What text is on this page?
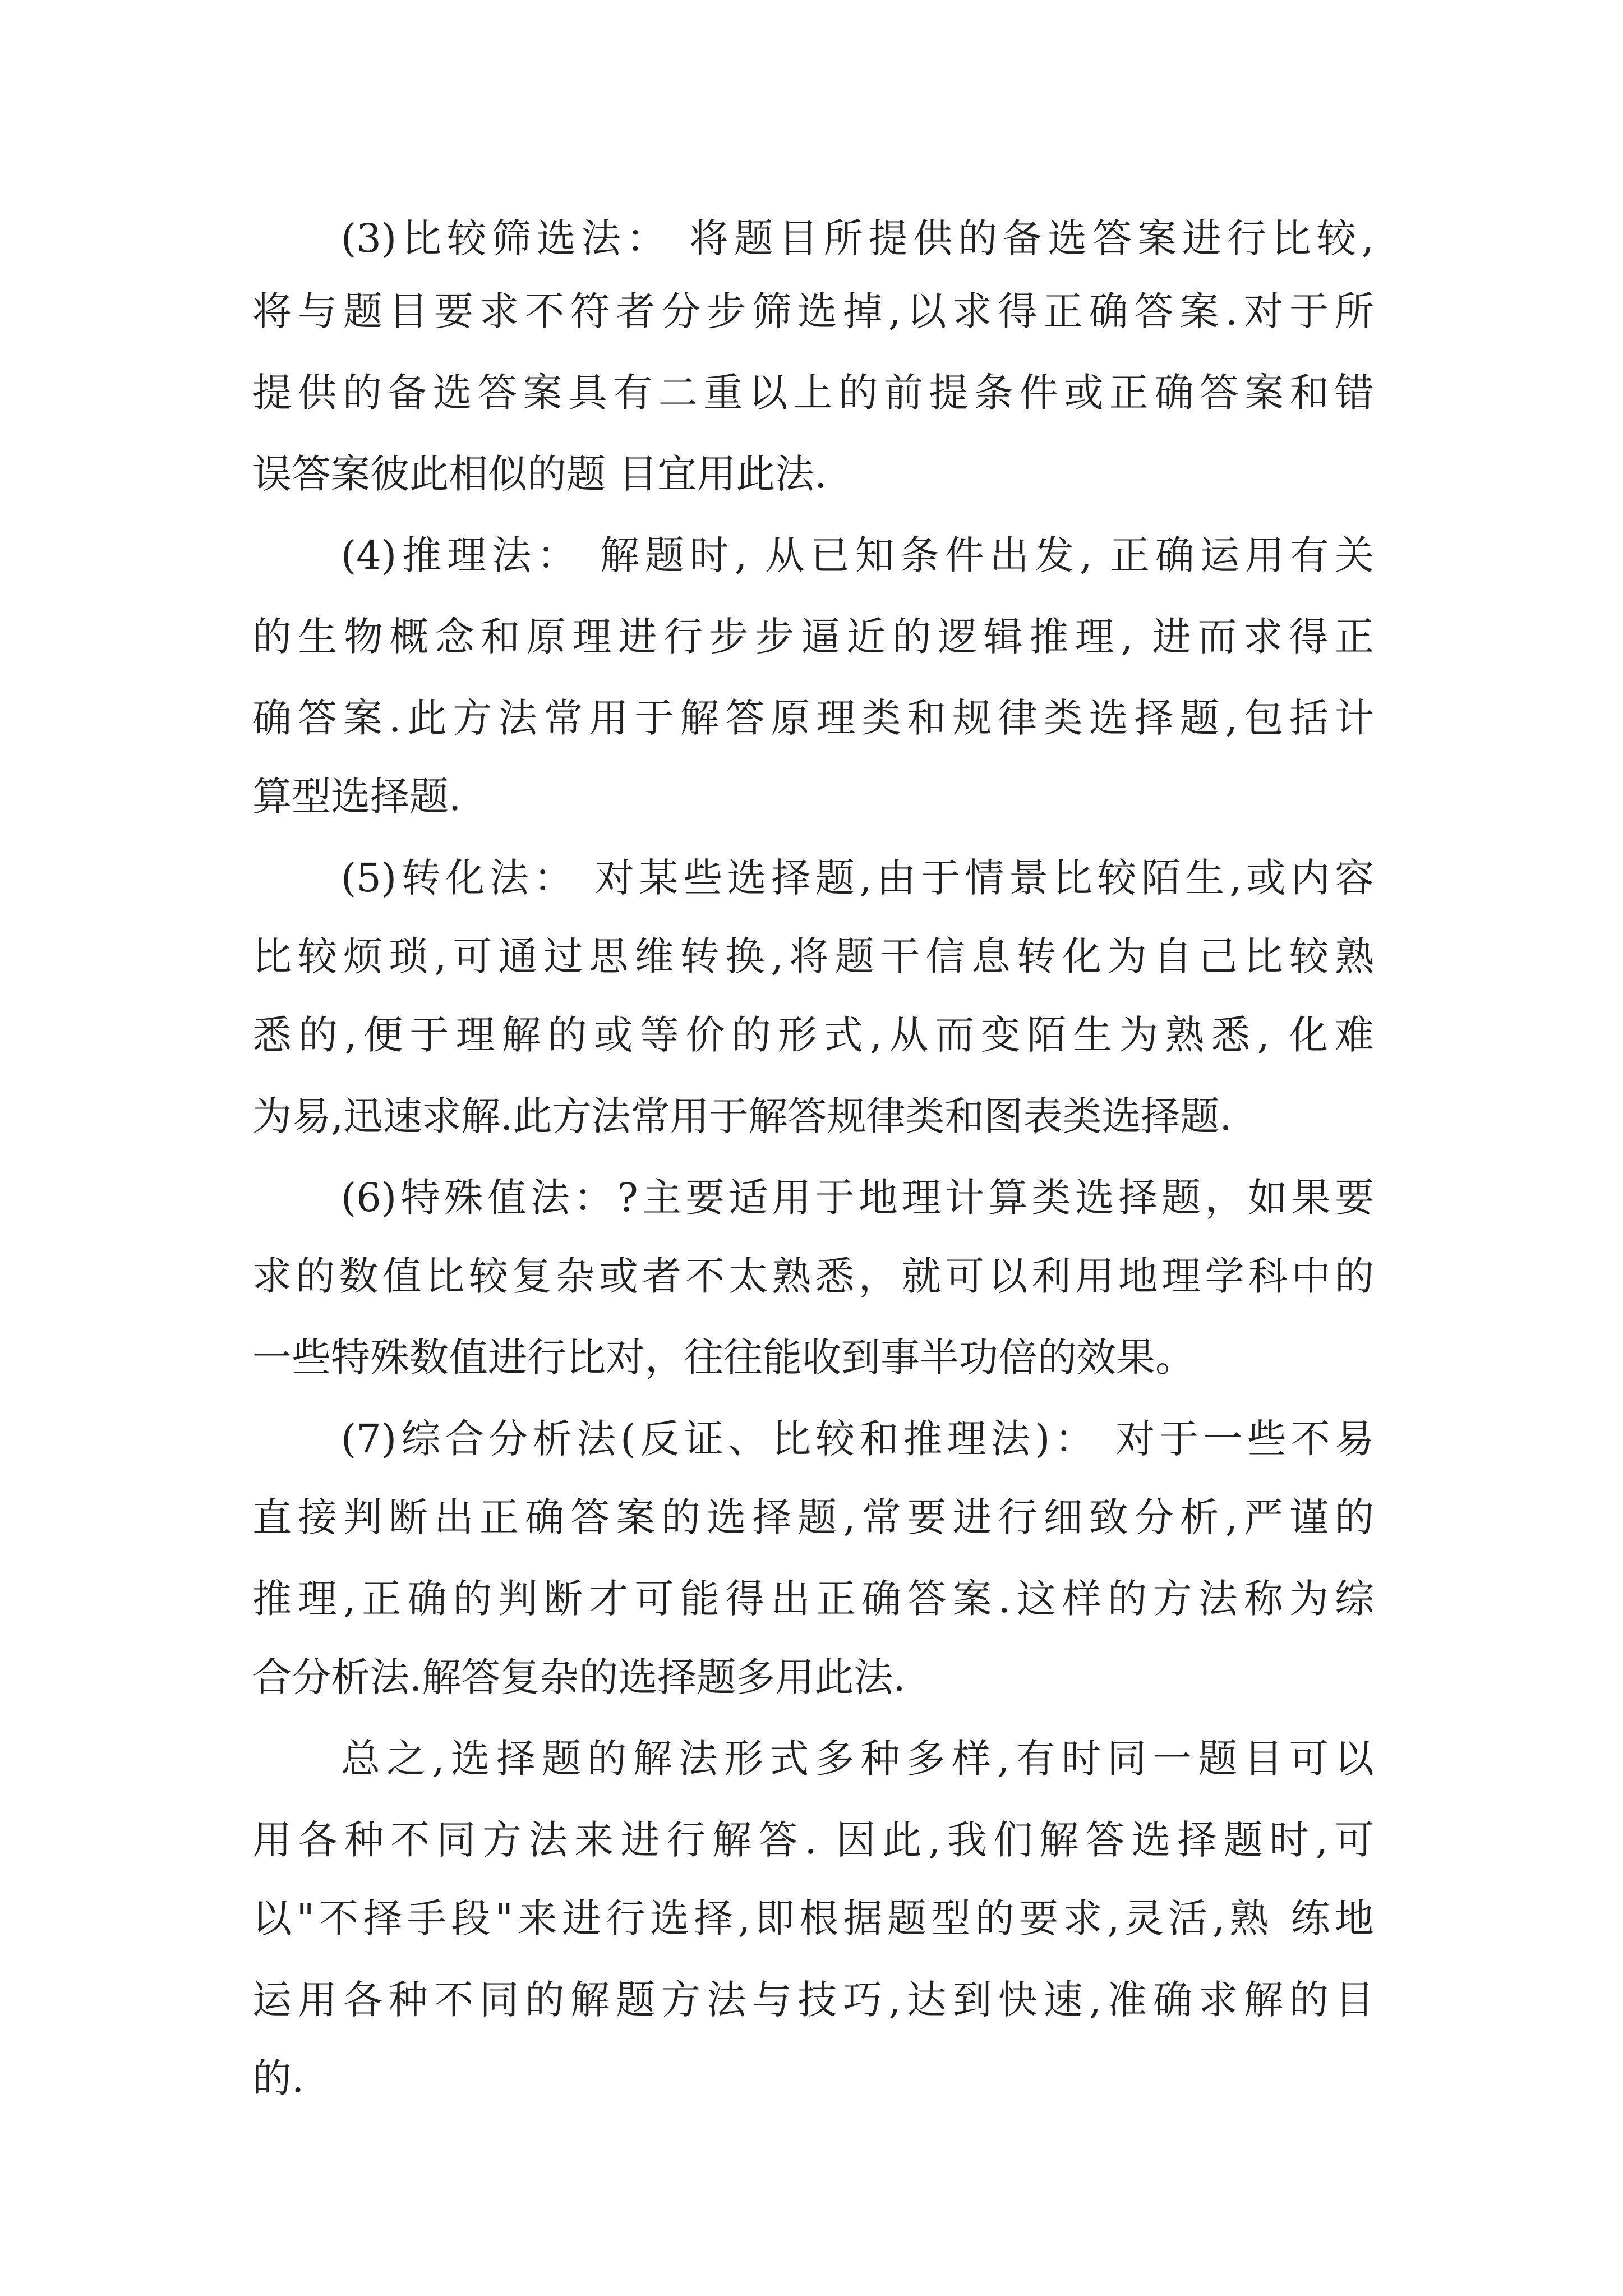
(3)比较筛选法： 将题目所提供的备选答案进行比较,
将与题目要求不符者分步筛选掉,以求得正确答案.对于所
提供的备选答案具有二重以上的前提条件或正确答案和错
误答案彼此相似的题 目宜用此法.
(4)推理法： 解题时, 从已知条件出发, 正确运用有关
的生物概念和原理进行步步逼近的逻辑推理, 进而求得正
确答案.此方法常用于解答原理类和规律类选择题,包括计
算型选择题.
(5)转化法： 对某些选择题,由于情景比较陌生,或内容
比较烦琐,可通过思维转换,将题干信息转化为自己比较熟
悉的,便于理解的或等价的形式,从而变陌生为熟悉, 化难
为易,迅速求解.此方法常用于解答规律类和图表类选择题.
(6)特殊值法：?主要适用于地理计算类选择题，如果要
求的数值比较复杂或者不太熟悉，就可以利用地理学科中的
一些特殊数值进行比对，往往能收到事半功倍的效果。
(7)综合分析法(反证、比较和推理法)： 对于一些不易
直接判断出正确答案的选择题,常要进行细致分析,严谨的
推理,正确的判断才可能得出正确答案.这样的方法称为综
合分析法.解答复杂的选择题多用此法.
总之,选择题的解法形式多种多样,有时同一题目可以
用各种不同方法来进行解答. 因此,我们解答选择题时,可
以"不择手段"来进行选择,即根据题型的要求,灵活,熟 练地
运用各种不同的解题方法与技巧,达到快速,准确求解的目
的.
